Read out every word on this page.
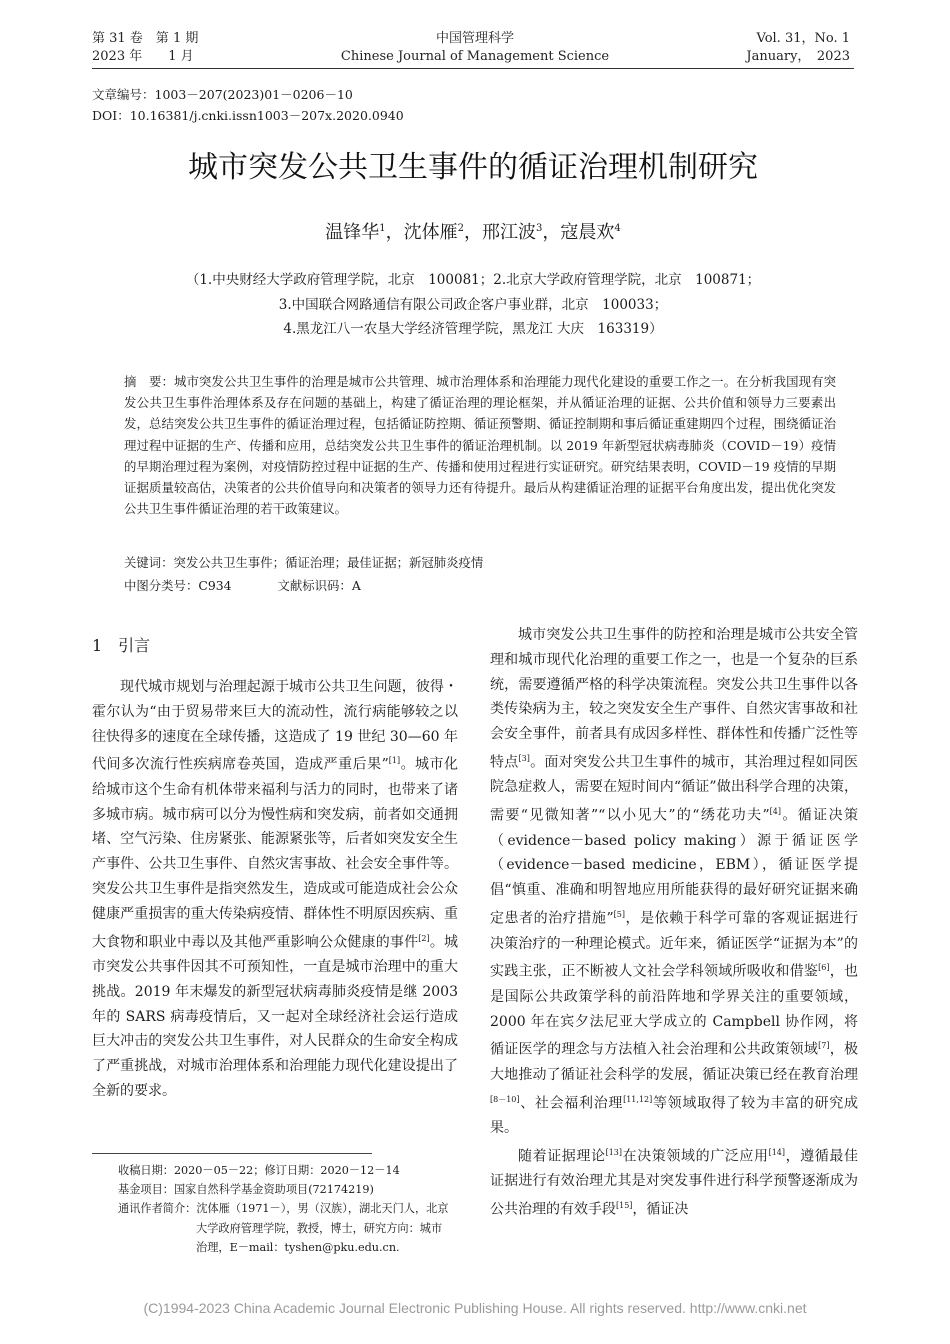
第 31 卷　第 1 期
2023 年　　1 月
中国管理科学
Chinese Journal of Management Science
Vol. 31，No. 1
January，　2023
文章编号：1003－207(2023)01－0206－10
DOI：10.16381/j.cnki.issn1003－207x.2020.0940
城市突发公共卫生事件的循证治理机制研究
温锋华$^1$，沈体雁$^2$，邢江波$^3$，寇晨欢$^4$
（1.中央财经大学政府管理学院，北京　100081；2.北京大学政府管理学院，北京　100871；
3.中国联合网路通信有限公司政企客户事业群，北京　100033；
4.黑龙江八一农垦大学经济管理学院，黑龙江 大庆　163319）
摘　要：城市突发公共卫生事件的治理是城市公共管理、城市治理体系和治理能力现代化建设的重要工作之一。在分析我国现有突发公共卫生事件治理体系及存在问题的基础上，构建了循证治理的理论框架，并从循证治理的证据、公共价值和领导力三要素出发，总结突发公共卫生事件的循证治理过程，包括循证防控期、循证预警期、循证控制期和事后循证重建期四个过程，围绕循证治理过程中证据的生产、传播和应用，总结突发公共卫生事件的循证治理机制。以 2019 年新型冠状病毒肺炎（COVID－19）疫情的早期治理过程为案例，对疫情防控过程中证据的生产、传播和使用过程进行实证研究。研究结果表明，COVID－19 疫情的早期证据质量较高估，决策者的公共价值导向和决策者的领导力还有待提升。最后从构建循证治理的证据平台角度出发，提出优化突发公共卫生事件循证治理的若干政策建议。
关键词：突发公共卫生事件；循证治理；最佳证据；新冠肺炎疫情
中图分类号：C934	文献标识码：A
1　引言

现代城市规划与治理起源于城市公共卫生问题，彼得・霍尔认为“由于贸易带来巨大的流动性，流行病能够较之以往快得多的速度在全球传播，这造成了 19 世纪 30—60 年代间多次流行性疾病席卷英国，造成严重后果”[1]。城市化给城市这个生命有机体带来福利与活力的同时，也带来了诸多城市病。城市病可以分为慢性病和突发病，前者如交通拥堵、空气污染、住房紧张、能源紧张等，后者如突发安全生产事件、公共卫生事件、自然灾害事故、社会安全事件等。突发公共卫生事件是指突然发生，造成或可能造成社会公众健康严重损害的重大传染病疫情、群体性不明原因疾病、重大食物和职业中毒以及其他严重影响公众健康的事件[2]。城市突发公共事件因其不可预知性，一直是城市治理中的重大挑战。2019 年末爆发的新型冠状病毒肺炎疫情是继 2003 年的 SARS 病毒疫情后，又一起对全球经济社会运行造成巨大冲击的突发公共卫生事件，对人民群众的生命安全构成了严重挑战，对城市治理体系和治理能力现代化建设提出了全新的要求。

城市突发公共卫生事件的防控和治理是城市公共安全管理和城市现代化治理的重要工作之一，也是一个复杂的巨系统，需要遵循严格的科学决策流程。突发公共卫生事件以各类传染病为主，较之突发安全生产事件、自然灾害事故和社会安全事件，前者具有成因多样性、群体性和传播广泛性等特点[3]。面对突发公共卫生事件的城市，其治理过程如同医院急症救人，需要在短时间内“循证”做出科学合理的决策，需要“见微知著”“以小见大”的“绣花功夫”[4]。循证决策（evidence－based policy making）源于循证医学（evidence－based medicine，EBM），循证医学提倡“慎重、准确和明智地应用所能获得的最好研究证据来确定患者的治疗措施”[5]，是依赖于科学可靠的客观证据进行决策治疗的一种理论模式。近年来，循证医学“证据为本”的实践主张，正不断被人文社会学科领域所吸收和借鉴[6]，也是国际公共政策学科的前沿阵地和学界关注的重要领域，2000 年在宾夕法尼亚大学成立的 Campbell 协作网，将循证医学的理念与方法植入社会治理和公共政策领域[7]，极大地推动了循证社会科学的发展，循证决策已经在教育治理[8－10]、社会福利治理[11,12]等领域取得了较为丰富的研究成果。

随着证据理论[13]在决策领域的广泛应用[14]，遵循最佳证据进行有效治理尤其是对突发事件进行科学预警逐渐成为公共治理的有效手段[15]，循证决

收稿日期：2020－05－22；修订日期：2020－12－14
基金项目：国家自然科学基金资助项目(72174219)
通讯作者简介：沈体雁（1971－），男（汉族），湖北天门人，北京
大学政府管理学院，教授，博士，研究方向：城市
治理，E－mail：tyshen@pku.edu.cn.
(C)1994-2023 China Academic Journal Electronic Publishing House. All rights reserved. http://www.cnki.net
